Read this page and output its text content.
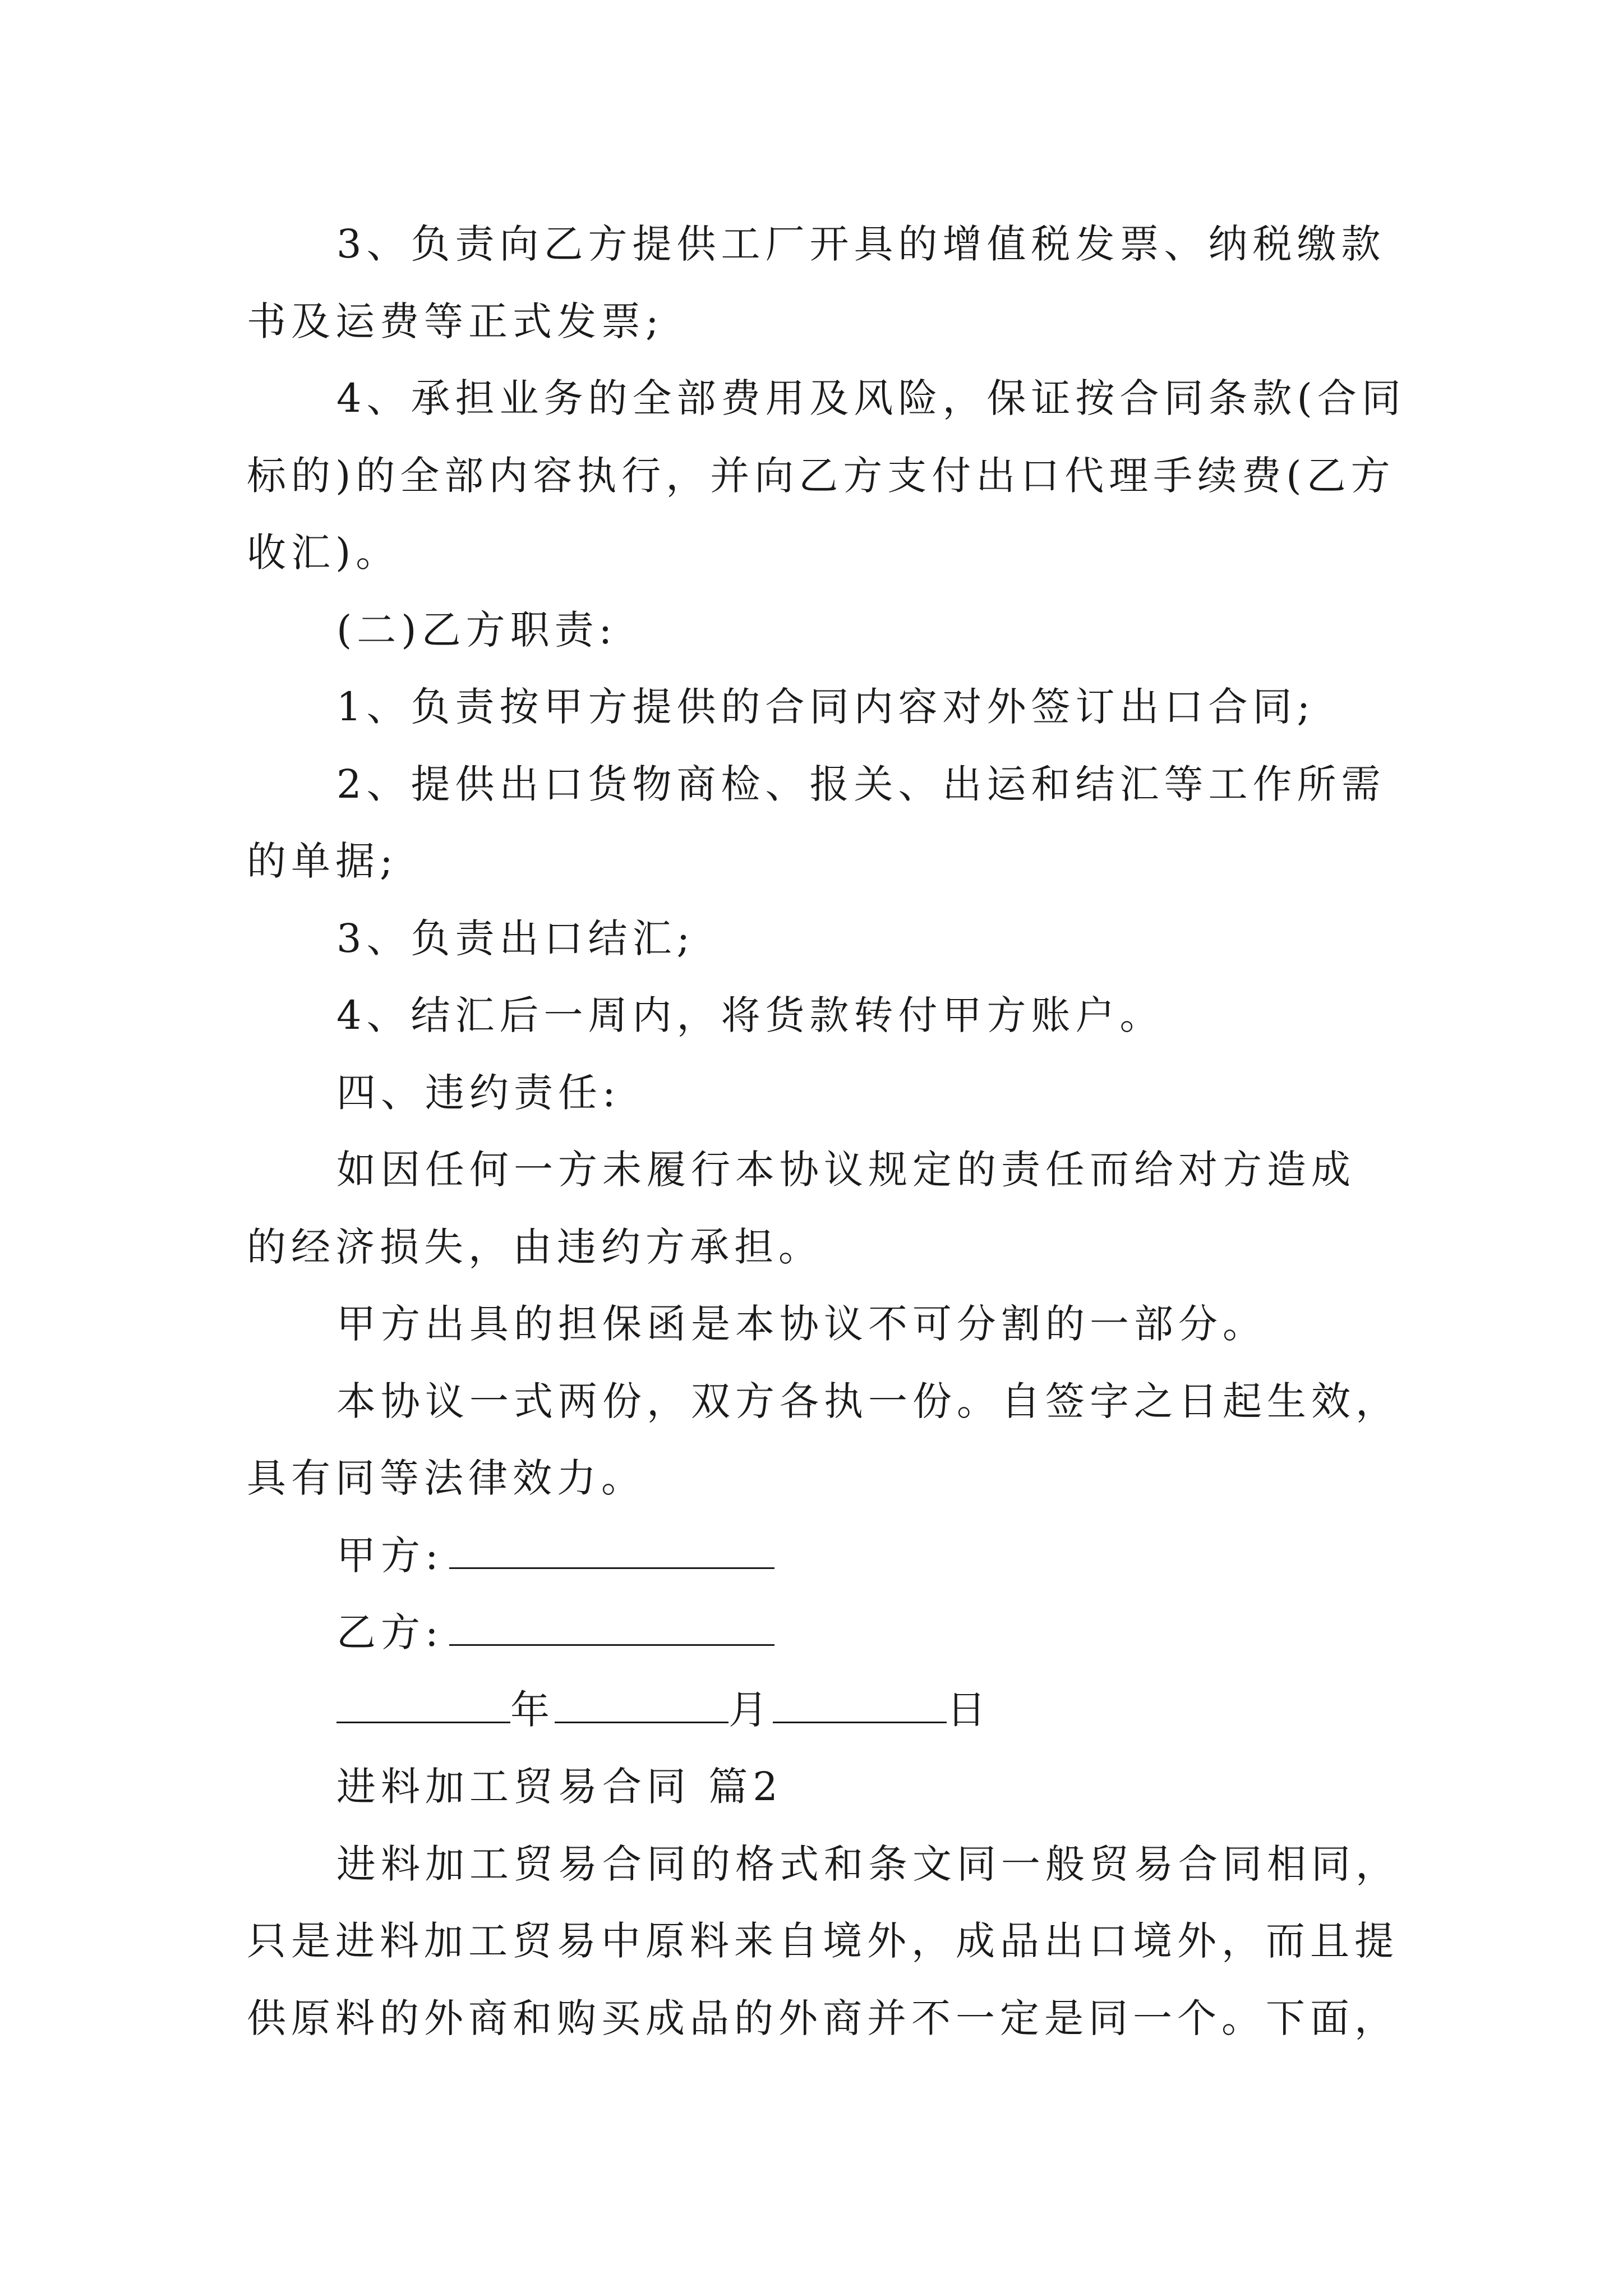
3、负责向乙方提供工厂开具的增值税发票、纳税缴款
书及运费等正式发票;
4、承担业务的全部费用及风险，保证按合同条款(合同
标的)的全部内容执行，并向乙方支付出口代理手续费(乙方
收汇)。
(二)乙方职责:
1、负责按甲方提供的合同内容对外签订出口合同;
2、提供出口货物商检、报关、出运和结汇等工作所需
的单据;
3、负责出口结汇;
4、结汇后一周内，将货款转付甲方账户。
四、违约责任:
如因任何一方未履行本协议规定的责任而给对方造成
的经济损失，由违约方承担。
甲方出具的担保函是本协议不可分割的一部分。
本协议一式两份，双方各执一份。自签字之日起生效，
具有同等法律效力。
甲方:
乙方:
年	月	日
进料加工贸易合同 篇2
进料加工贸易合同的格式和条文同一般贸易合同相同，
只是进料加工贸易中原料来自境外，成品出口境外，而且提
供原料的外商和购买成品的外商并不一定是同一个。下面，
